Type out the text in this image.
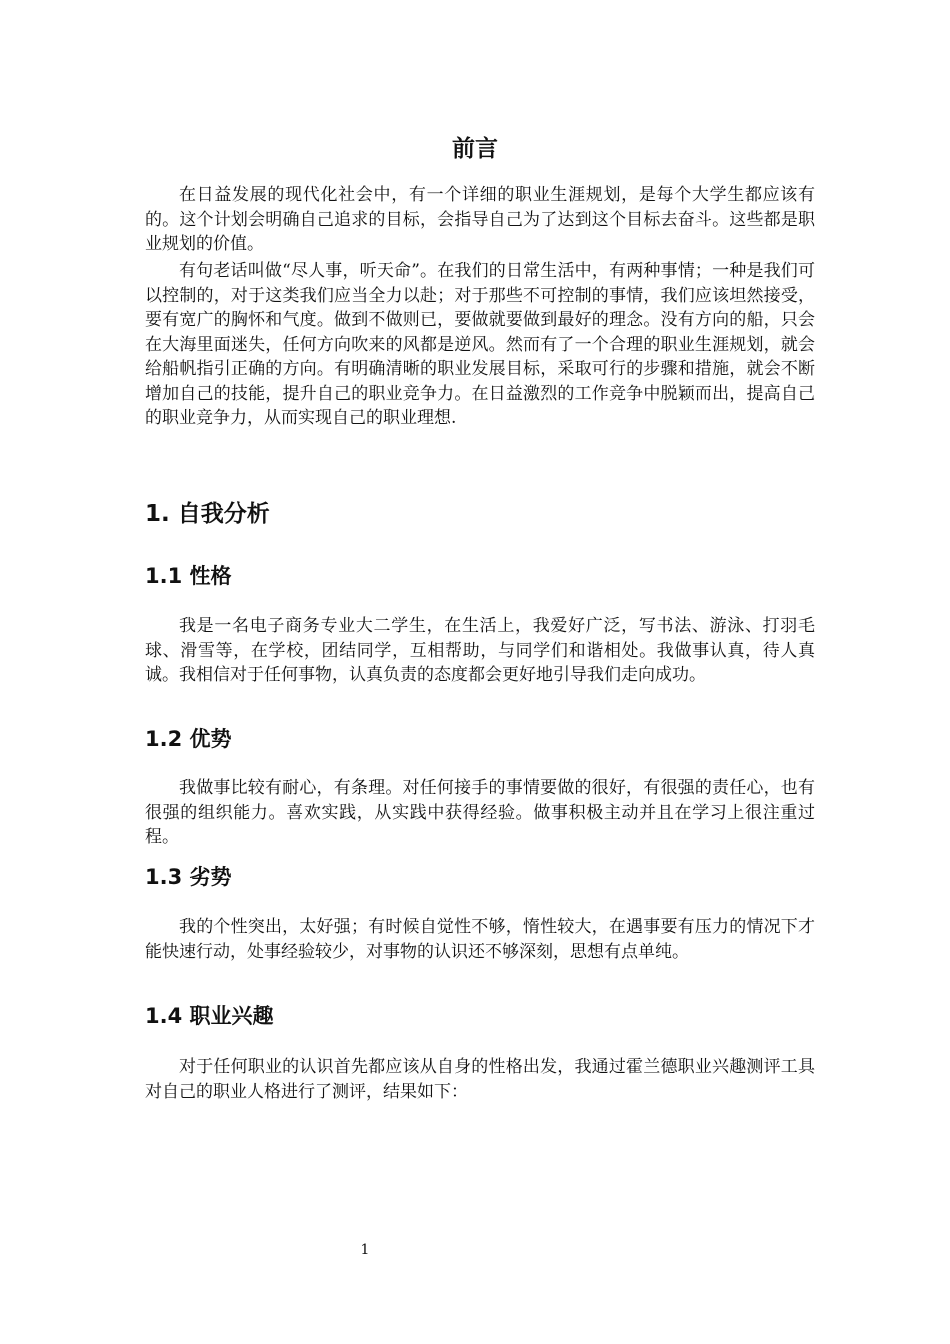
前言

在日益发展的现代化社会中，有一个详细的职业生涯规划，是每个大学生都应该有的。这个计划会明确自己追求的目标，会指导自己为了达到这个目标去奋斗。这些都是职业规划的价值。

有句老话叫做“尽人事，听天命”。在我们的日常生活中，有两种事情；一种是我们可以控制的，对于这类我们应当全力以赴；对于那些不可控制的事情，我们应该坦然接受，要有宽广的胸怀和气度。做到不做则已，要做就要做到最好的理念。没有方向的船，只会在大海里面迷失，任何方向吹来的风都是逆风。然而有了一个合理的职业生涯规划，就会给船帆指引正确的方向。有明确清晰的职业发展目标，采取可行的步骤和措施，就会不断增加自己的技能，提升自己的职业竞争力。在日益激烈的工作竞争中脱颖而出，提高自己的职业竞争力，从而实现自己的职业理想.

1. 自我分析
1.1 性格

我是一名电子商务专业大二学生，在生活上，我爱好广泛，写书法、游泳、打羽毛球、滑雪等，在学校，团结同学，互相帮助，与同学们和谐相处。我做事认真，待人真诚。我相信对于任何事物，认真负责的态度都会更好地引导我们走向成功。

1.2 优势

我做事比较有耐心，有条理。对任何接手的事情要做的很好，有很强的责任心，也有很强的组织能力。喜欢实践，从实践中获得经验。做事积极主动并且在学习上很注重过程。

1.3 劣势

我的个性突出，太好强；有时候自觉性不够，惰性较大，在遇事要有压力的情况下才能快速行动，处事经验较少，对事物的认识还不够深刻，思想有点单纯。

1.4 职业兴趣

对于任何职业的认识首先都应该从自身的性格出发，我通过霍兰德职业兴趣测评工具对自己的职业人格进行了测评，结果如下：

1
